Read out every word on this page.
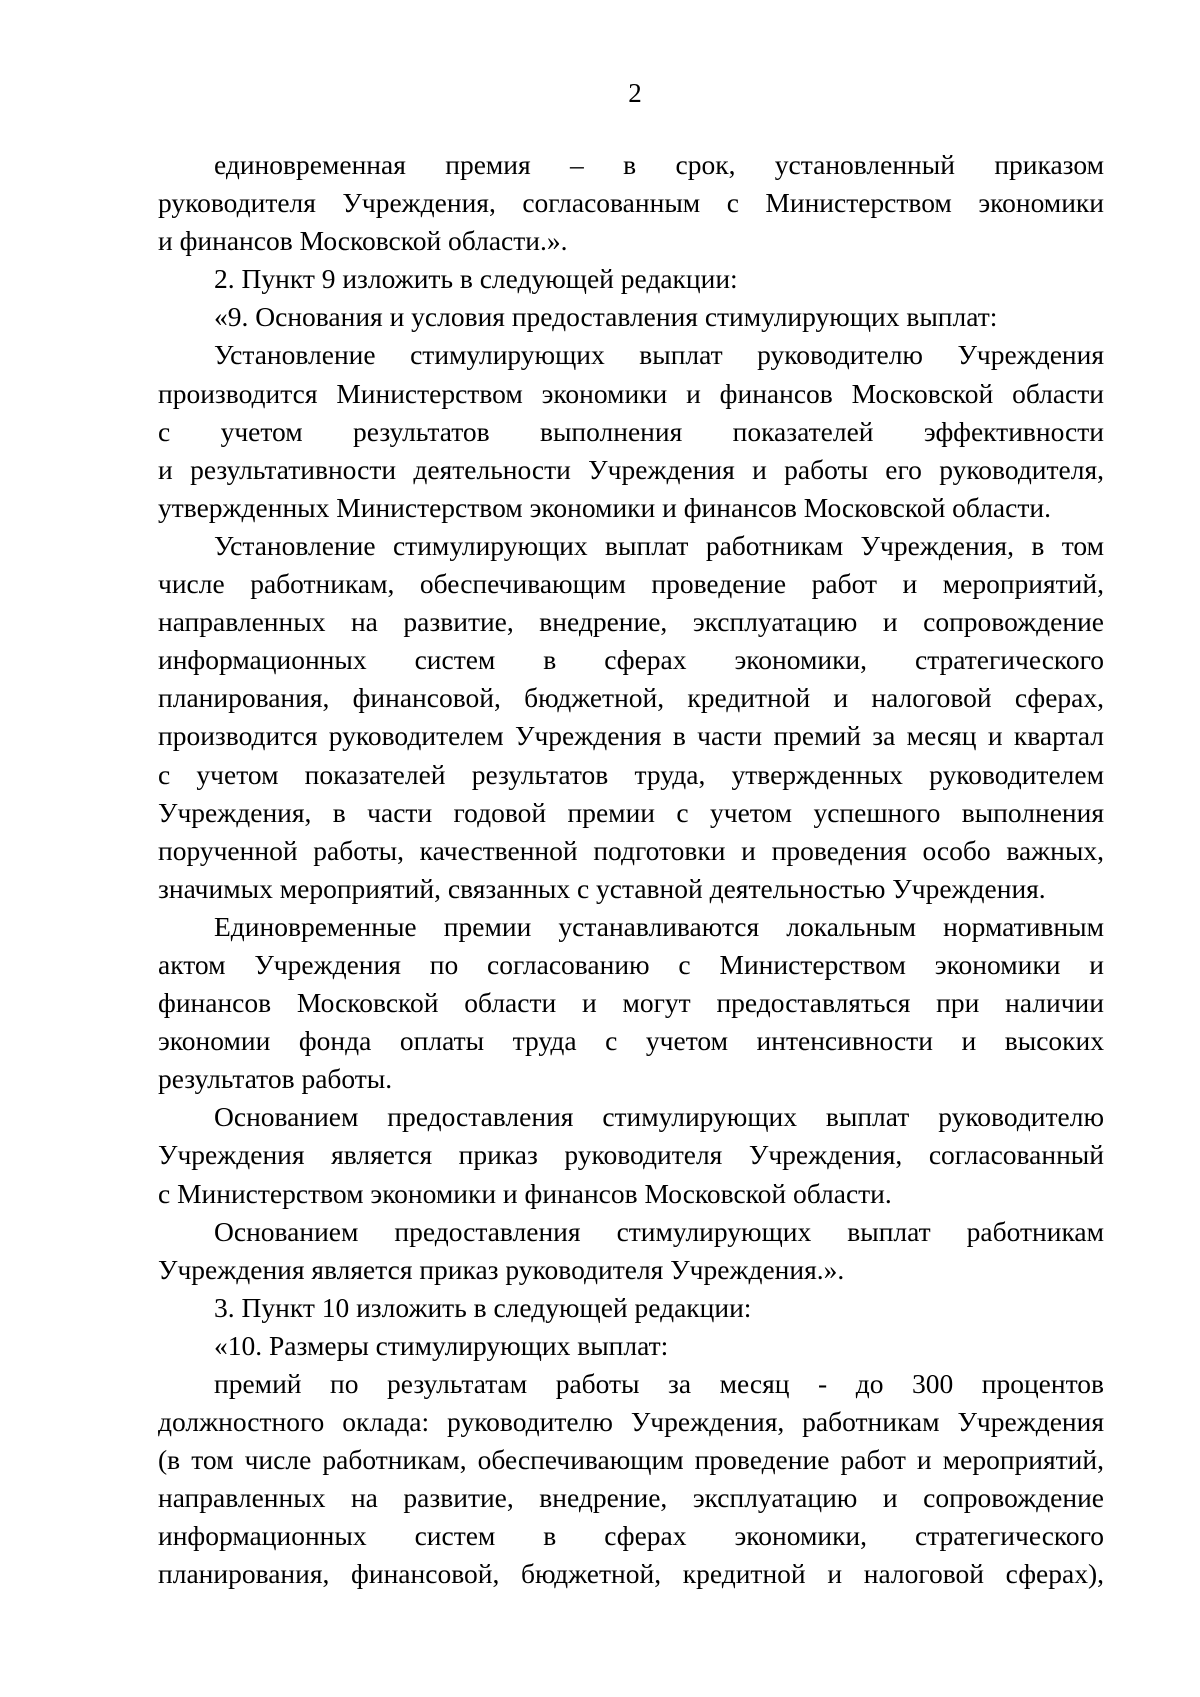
2
единовременная премия – в срок, установленный приказом
руководителя Учреждения, согласованным с Министерством экономики
и финансов Московской области.».
2. Пункт 9 изложить в следующей редакции:
«9. Основания и условия предоставления стимулирующих выплат:
Установление стимулирующих выплат руководителю Учреждения
производится Министерством экономики и финансов Московской области
с учетом результатов выполнения показателей эффективности
и результативности деятельности Учреждения и работы его руководителя,
утвержденных Министерством экономики и финансов Московской области.
Установление стимулирующих выплат работникам Учреждения, в том
числе работникам, обеспечивающим проведение работ и мероприятий,
направленных на развитие, внедрение, эксплуатацию и сопровождение
информационных систем в сферах экономики, стратегического
планирования, финансовой, бюджетной, кредитной и налоговой сферах,
производится руководителем Учреждения в части премий за месяц и квартал
с учетом показателей результатов труда, утвержденных руководителем
Учреждения, в части годовой премии с учетом успешного выполнения
порученной работы, качественной подготовки и проведения особо важных,
значимых мероприятий, связанных с уставной деятельностью Учреждения.
Единовременные премии устанавливаются локальным нормативным
актом Учреждения по согласованию с Министерством экономики и
финансов Московской области и могут предоставляться при наличии
экономии фонда оплаты труда с учетом интенсивности и высоких
результатов работы.
Основанием предоставления стимулирующих выплат руководителю
Учреждения является приказ руководителя Учреждения, согласованный
с Министерством экономики и финансов Московской области.
Основанием предоставления стимулирующих выплат работникам
Учреждения является приказ руководителя Учреждения.».
3. Пункт 10 изложить в следующей редакции:
«10. Размеры стимулирующих выплат:
премий по результатам работы за месяц - до 300 процентов
должностного оклада: руководителю Учреждения, работникам Учреждения
(в том числе работникам, обеспечивающим проведение работ и мероприятий,
направленных на развитие, внедрение, эксплуатацию и сопровождение
информационных систем в сферах экономики, стратегического
планирования, финансовой, бюджетной, кредитной и налоговой сферах),
